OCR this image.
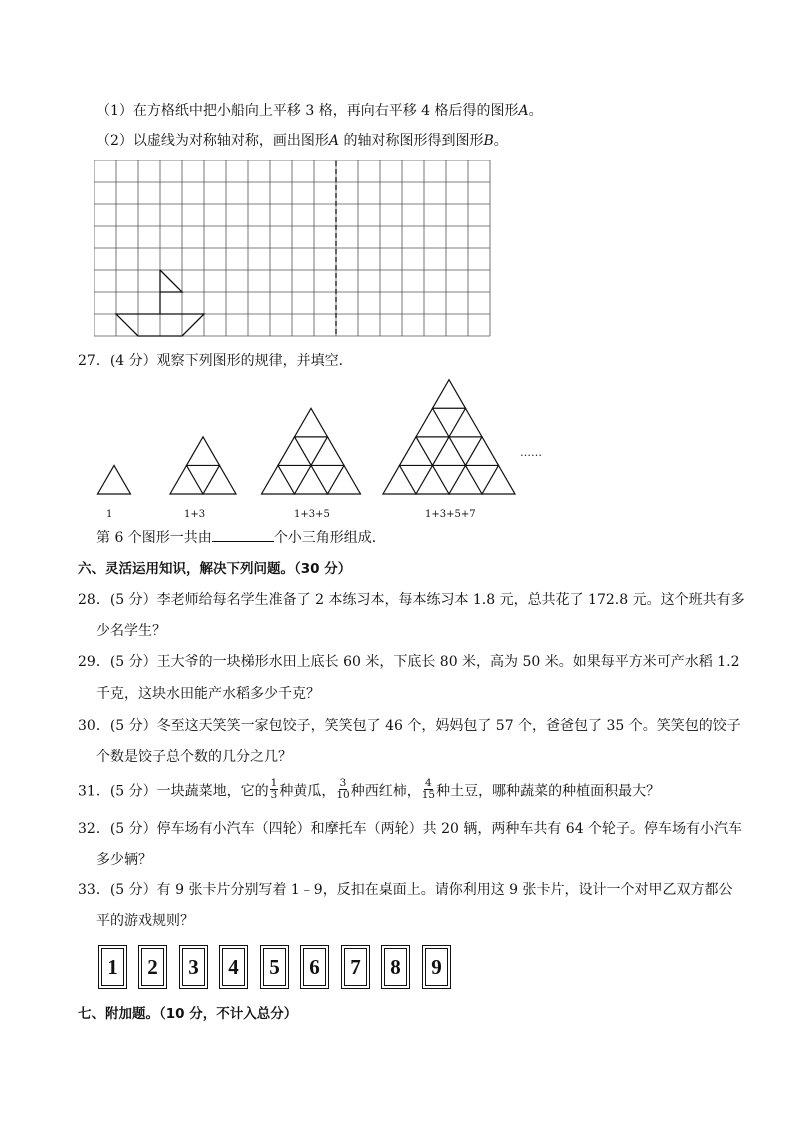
（1）在方格纸中把小船向上平移 3 格，再向右平移 4 格后得的图形A。
（2）以虚线为对称轴对称，画出图形A 的轴对称图形得到图形B。
27．(4 分）观察下列图形的规律，并填空．
……
1	1+3	1+3+5	1+3+5+7
第 6 个图形一共由	个小三角形组成．
六、灵活运用知识，解决下列问题。（30 分）
28．(5 分）李老师给每名学生准备了 2 本练习本，每本练习本 1.8 元，总共花了 172.8 元。这个班共有多
少名学生？
29．(5 分）王大爷的一块梯形水田上底长 60 米，下底长 80 米，高为 50 米。如果每平方米可产水稻 1.2
千克，这块水田能产水稻多少千克？
30．(5 分）冬至这天笑笑一家包饺子，笑笑包了 46 个，妈妈包了 57 个，爸爸包了 35 个。笑笑包的饺子
个数是饺子总个数的几分之几？
31．(5 分）一块蔬菜地，它的 $\frac{1}{3}$ 种黄瓜， $\frac{3}{10}$ 种西红柿， $\frac{4}{15}$ 种土豆，哪种蔬菜的种植面积最大？
32．(5 分）停车场有小汽车（四轮）和摩托车（两轮）共 20 辆，两种车共有 64 个轮子。停车场有小汽车
多少辆？
33．(5 分）有 9 张卡片分别写着 1﹣9，反扣在桌面上。请你利用这 9 张卡片，设计一个对甲乙双方都公
平的游戏规则？
1	2	3	4	5	6	7	8	9
七、附加题。（10 分，不计入总分）
